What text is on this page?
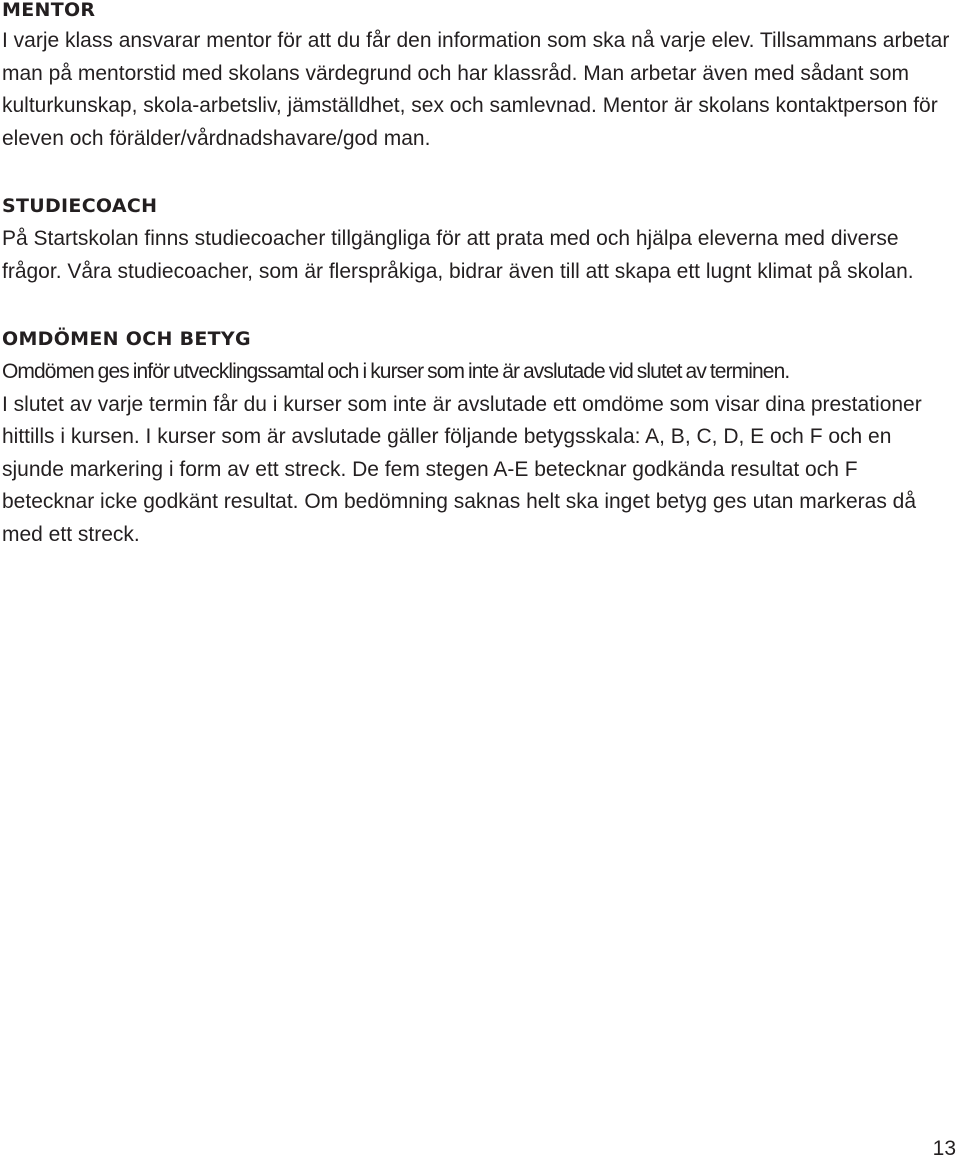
MENTOR

I varje klass ansvarar mentor för att du får den information som ska nå varje elev. Tillsammans arbetar man på mentorstid med skolans värdegrund och har klassråd. Man arbetar även med sådant som kulturkunskap, skola-arbetsliv, jämställdhet, sex och samlevnad. Mentor är skolans kontaktperson för eleven och förälder/vårdnadshavare/god man.

STUDIECOACH

På Startskolan finns studiecoacher tillgängliga för att prata med och hjälpa eleverna med diverse frågor. Våra studiecoacher, som är flerspråkiga, bidrar även till att skapa ett lugnt klimat på skolan.

OMDÖMEN OCH BETYG

Omdömen ges inför utvecklingssamtal och i kurser som inte är avslutade vid slutet av terminen.
I slutet av varje termin får du i kurser som inte är avslutade ett omdöme som visar dina prestationer hittills i kursen. I kurser som är avslutade gäller följande betygsskala: A, B, C, D, E och F och en sjunde markering i form av ett streck. De fem stegen A-E betecknar godkända resultat och F betecknar icke godkänt resultat. Om bedömning saknas helt ska inget betyg ges utan markeras då med ett streck.

13
